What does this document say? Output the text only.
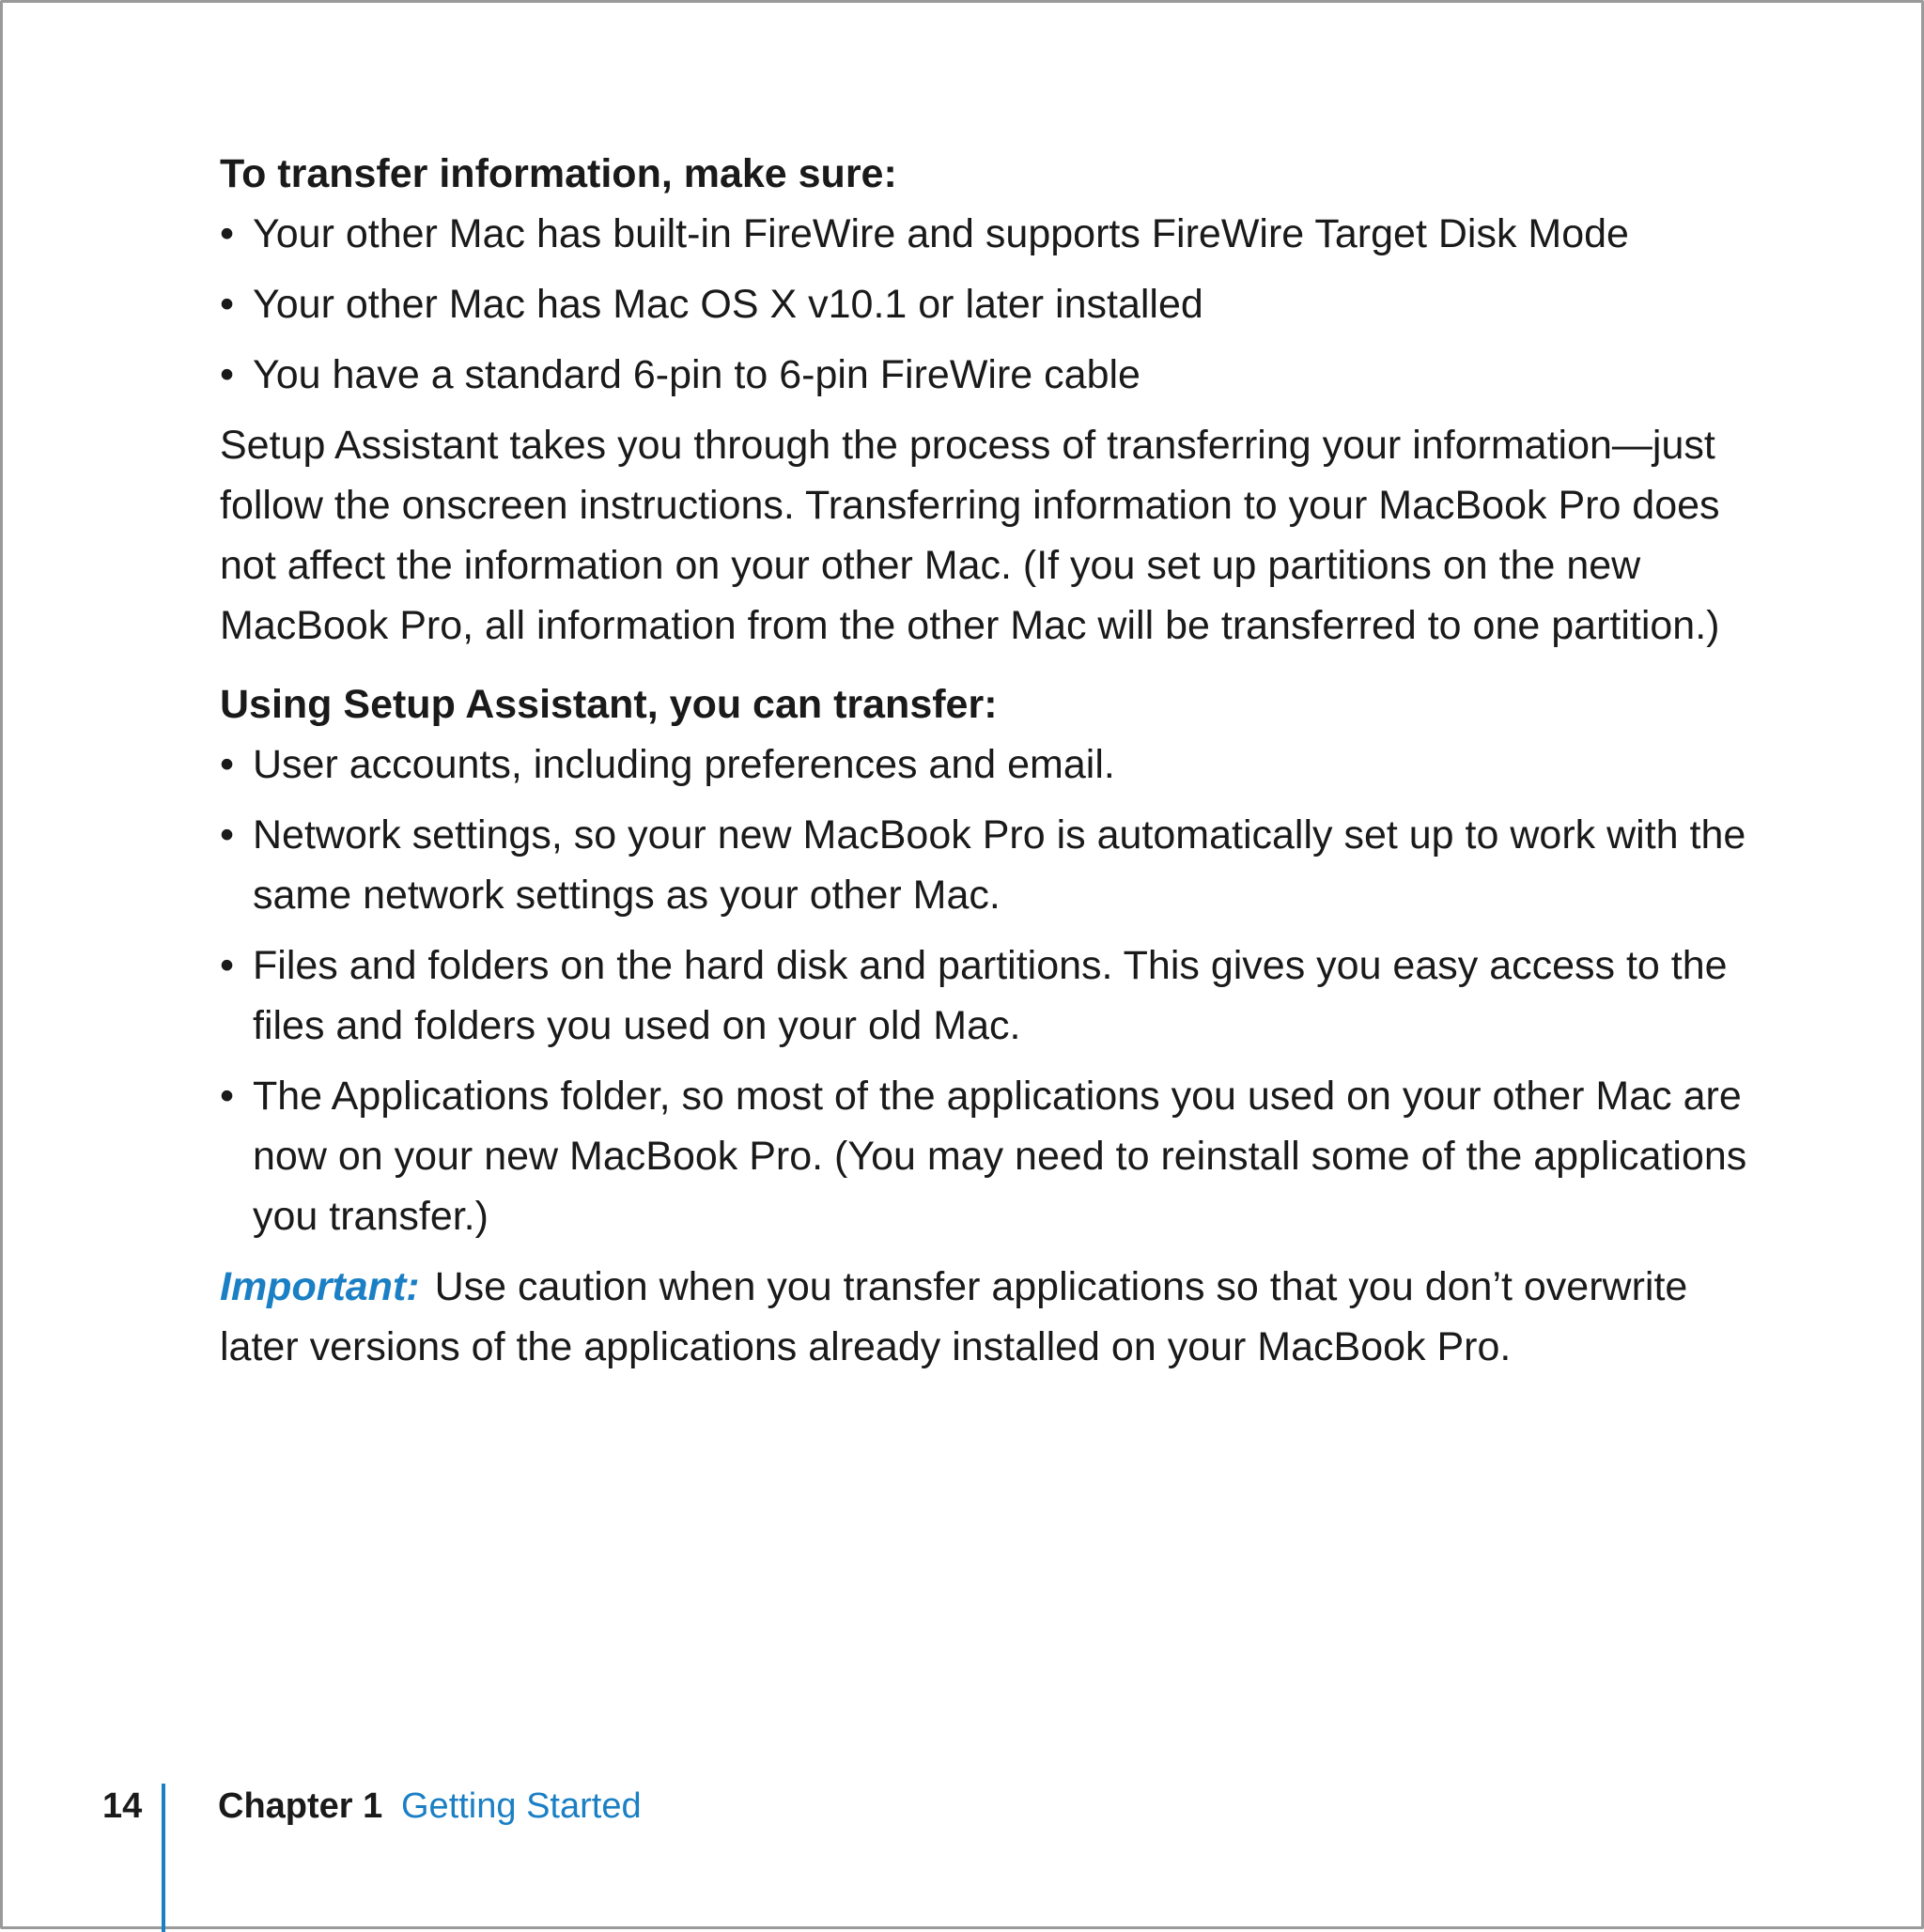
To transfer information, make sure:

• Your other Mac has built-in FireWire and supports FireWire Target Disk Mode
• Your other Mac has Mac OS X v10.1 or later installed
• You have a standard 6-pin to 6-pin FireWire cable

Setup Assistant takes you through the process of transferring your information—just follow the onscreen instructions. Transferring information to your MacBook Pro does not affect the information on your other Mac. (If you set up partitions on the new MacBook Pro, all information from the other Mac will be transferred to one partition.)

Using Setup Assistant, you can transfer:

• User accounts, including preferences and email.
• Network settings, so your new MacBook Pro is automatically set up to work with the same network settings as your other Mac.
• Files and folders on the hard disk and partitions. This gives you easy access to the files and folders you used on your old Mac.
• The Applications folder, so most of the applications you used on your other Mac are now on your new MacBook Pro. (You may need to reinstall some of the applications you transfer.)

Important: Use caution when you transfer applications so that you don’t overwrite later versions of the applications already installed on your MacBook Pro.

14 Chapter 1 Getting Started
